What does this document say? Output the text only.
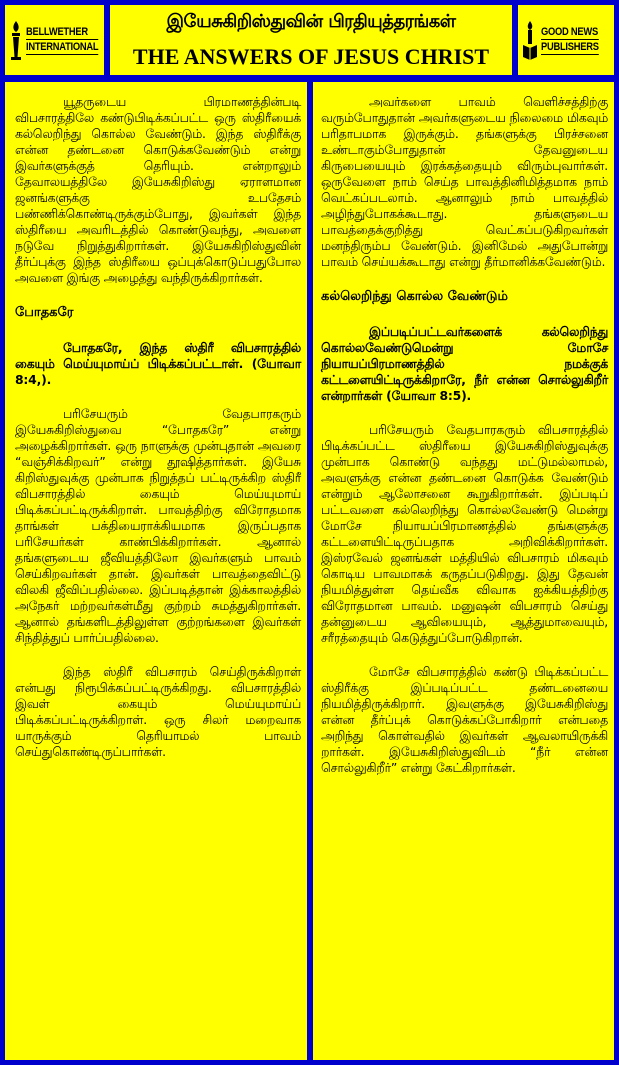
BELLWETHER
INTERNATIONAL
இயேசுகிறிஸ்துவின் பிரதியுத்தரங்கள்
THE ANSWERS OF JESUS CHRIST
GOOD NEWS
PUBLISHERS

யூதருடைய பிரமாணத்தின்படி விபசாரத்திலே கண்டுபிடிக்கப்பட்ட ஒரு ஸ்திரீயைக் கல்லெறிந்து கொல்ல வேண்டும். இந்த ஸ்திரீக்கு என்ன தண்டனை கொடுக்கவேண்டும் என்று இவர்களுக்குத் தெரியும். என்றாலும் தேவாலயத்திலே இயேசுகிறிஸ்து ஏராளமான ஜனங்களுக்கு உபதேசம் பண்ணிக்கொண்டிருக்கும்போது, இவர்கள் இந்த ஸ்திரீயை அவரிடத்தில் கொண்டுவந்து, அவளை நடுவே நிறுத்துகிறார்கள். இயேசுகிறிஸ்துவின் தீர்ப்புக்கு இந்த ஸ்திரீயை ஒப்புக்கொடுப்பதுபோல அவளை இங்கு அழைத்து வந்திருக்கிறார்கள்.

போதகரே

போதகரே, இந்த ஸ்திரீ விபசாரத்தில் கையும் மெய்யுமாய்ப் பிடிக்கப்பட்டாள். (யோவா 8:4,).

பரிசேயரும் வேதபாரகரும் இயேசுகிறிஸ்துவை “போதகரே” என்று அழைக்கிறார்கள். ஒரு நாளுக்கு முன்புதான் அவரை “வஞ்சிக்கிறவர்” என்று தூஷித்தார்கள். இயேசு கிறிஸ்துவுக்கு முன்பாக நிறுத்தப் பட்டிருக்கிற ஸ்திரீ விபசாரத்தில் கையும் மெய்யுமாய் பிடிக்கப்பட்டிருக்கிறாள். பாவத்திற்கு விரோதமாக தாங்கள் பக்தியைராக்கியமாக இருப்பதாக பரிசேயர்கள் காண்பிக்கிறார்கள். ஆனால் தங்களுடைய ஜீவியத்திலோ இவர்களும் பாவம் செய்கிறவர்கள் தான். இவர்கள் பாவத்தைவிட்டு விலகி ஜீவிப்பதில்லை. இப்படித்தான் இக்காலத்தில் அநேகர் மற்றவர்கள்மீது குற்றம் சுமத்துகிறார்கள். ஆனால் தங்களிடத்திலுள்ள குற்றங்களை இவர்கள் சிந்தித்துப் பார்ப்பதில்லை.

இந்த ஸ்திரீ விபசாரம் செய்திருக்கிறாள் என்பது நிரூபிக்கப்பட்டிருக்கிறது. விபசாரத்தில் இவள் கையும் மெய்யுமாய்ப் பிடிக்கப்பட்டிருக்கிறாள். ஒரு சிலர் மறைவாக யாருக்கும் தெரியாமல் பாவம் செய்துகொண்டிருப்பார்கள்.

அவர்களை பாவம் வெளிச்சத்திற்கு வரும்போதுதான் அவர்களுடைய நிலைமை மிகவும் பரிதாபமாக இருக்கும். தங்களுக்கு பிரச்சனை உண்டாகும்போதுதான் தேவனுடைய கிருபையையும் இரக்கத்தையும் விரும்புவார்கள். ஒருவேளை நாம் செய்த பாவத்தினிமித்தமாக நாம் வெட்கப்படலாம். ஆனாலும் நாம் பாவத்தில் அழிந்துபோகக்கூடாது. தங்களுடைய பாவத்தைக்குறித்து வெட்கப்படுகிறவர்கள் மனந்திரும்ப வேண்டும். இனிமேல் அதுபோன்று பாவம் செய்யக்கூடாது என்று தீர்மானிக்கவேண்டும்.

கல்லெறிந்து கொல்ல வேண்டும்

இப்படிப்பட்டவர்களைக் கல்லெறிந்து கொல்லவேண்டுமென்று மோசே நியாயப்பிரமாணத்தில் நமக்குக் கட்டளையிட்டிருக்கிறாரே, நீர் என்ன சொல்லுகிறீர் என்றார்கள் (யோவா 8:5).

பரிசேயரும் வேதபாரகரும் விபசாரத்தில் பிடிக்கப்பட்ட ஸ்திரீயை இயேசுகிறிஸ்துவுக்கு முன்பாக கொண்டு வந்தது மட்டுமல்லாமல், அவளுக்கு என்ன தண்டனை கொடுக்க வேண்டும் என்றும் ஆலோசனை கூறுகிறார்கள். இப்படிப் பட்டவளை கல்லெறிந்து கொல்லவேண்டு மென்று மோசே நியாயப்பிரமாணத்தில் தங்களுக்கு கட்டளையிட்டிருப்பதாக அறிவிக்கிறார்கள். இஸ்ரவேல் ஜனங்கள் மத்தியில் விபசாரம் மிகவும் கொடிய பாவமாகக் கருதப்படுகிறது. இது தேவன் நியமித்துள்ள தெய்வீக விவாக ஐக்கியத்திற்கு விரோதமான பாவம். மனுஷன் விபசாரம் செய்து தன்னுடைய ஆவியையும், ஆத்துமாவையும், சரீரத்தையும் கெடுத்துப்போடுகிறான்.

மோசே விபசாரத்தில் கண்டு பிடிக்கப்பட்ட ஸ்திரீக்கு இப்படிப்பட்ட தண்டனையை நியமித்திருக்கிறார். இவளுக்கு இயேசுகிறிஸ்து என்ன தீர்ப்புக் கொடுக்கப்போகிறார் என்பதை அறிந்து கொள்வதில் இவர்கள் ஆவலாயிருக்கி றார்கள். இயேசுகிறிஸ்துவிடம் “நீர் என்ன சொல்லுகிறீர்” என்று கேட்கிறார்கள்.
